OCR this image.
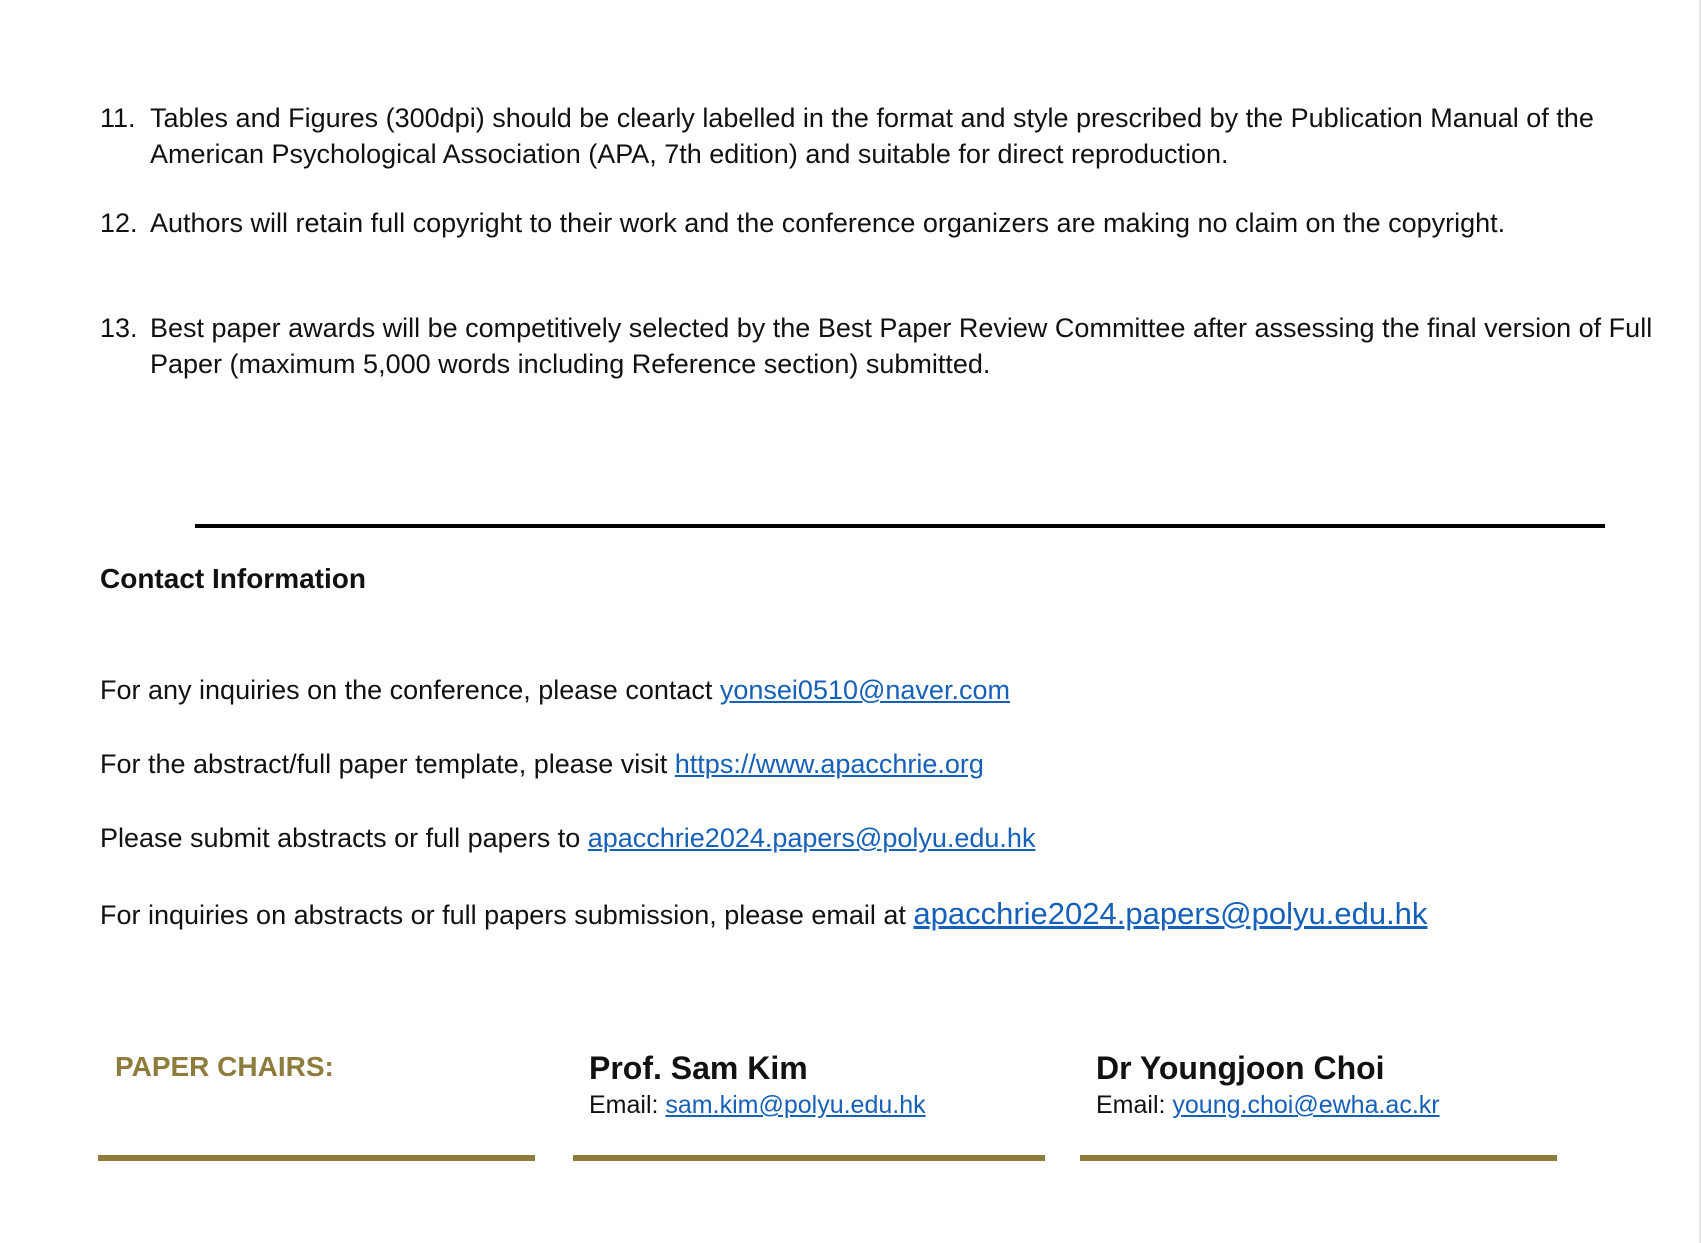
11. Tables and Figures (300dpi) should be clearly labelled in the format and style prescribed by the Publication Manual of the American Psychological Association (APA, 7th edition) and suitable for direct reproduction.
12. Authors will retain full copyright to their work and the conference organizers are making no claim on the copyright.
13. Best paper awards will be competitively selected by the Best Paper Review Committee after assessing the final version of Full Paper (maximum 5,000 words including Reference section) submitted.
Contact Information
For any inquiries on the conference, please contact yonsei0510@naver.com
For the abstract/full paper template, please visit https://www.apacchrie.org
Please submit abstracts or full papers to apacchrie2024.papers@polyu.edu.hk
For inquiries on abstracts or full papers submission, please email at apacchrie2024.papers@polyu.edu.hk
PAPER CHAIRS:	Prof. Sam Kim
Email: sam.kim@polyu.edu.hk
Dr Youngjoon Choi
Email: young.choi@ewha.ac.kr
